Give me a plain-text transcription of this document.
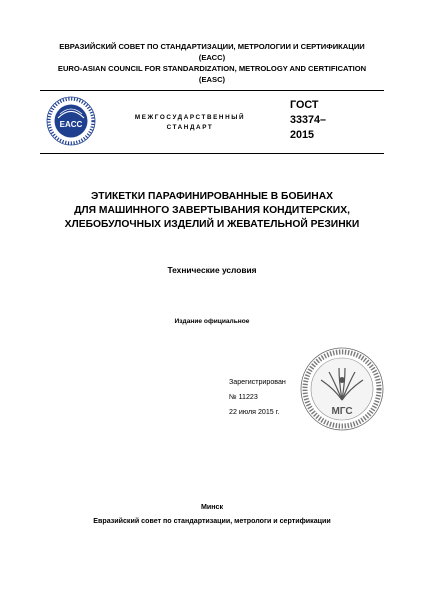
ЕВРАЗИЙСКИЙ СОВЕТ ПО СТАНДАРТИЗАЦИИ, МЕТРОЛОГИИ И СЕРТИФИКАЦИИ
(ЕАСС)
EURO-ASIAN COUNCIL FOR STANDARDIZATION, METROLOGY AND CERTIFICATION
(EASC)
EACC
МЕЖГОСУДАРСТВЕННЫЙ
СТАНДАРТ
ГОСТ
33374–
2015
ЭТИКЕТКИ ПАРАФИНИРОВАННЫЕ В БОБИНАХ
ДЛЯ МАШИННОГО ЗАВЕРТЫВАНИЯ КОНДИТЕРСКИХ,
ХЛЕБОБУЛОЧНЫХ ИЗДЕЛИЙ И ЖЕВАТЕЛЬНОЙ РЕЗИНКИ
Технические условия
Издание официальное
Зарегистрирован
№ 11223
22 июля 2015 г.	МГС
Минск
Евразийский совет по стандартизации, метрологи и сертификации
